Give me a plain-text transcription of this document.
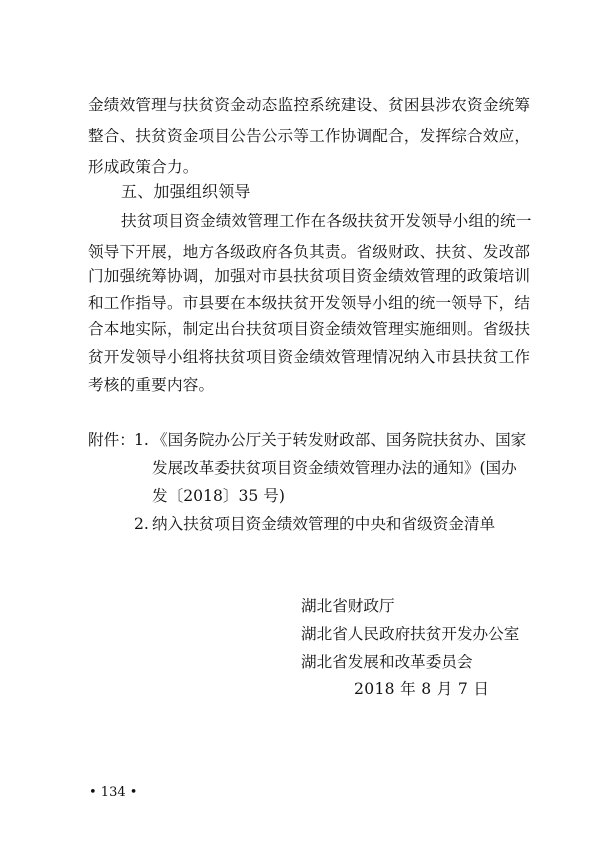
金绩效管理与扶贫资金动态监控系统建设、贫困县涉农资金统筹
整合、扶贫资金项目公告公示等工作协调配合，发挥综合效应，
形成政策合力。
五、加强组织领导
扶贫项目资金绩效管理工作在各级扶贫开发领导小组的统一
领导下开展，地方各级政府各负其责。省级财政、扶贫、发改部
门加强统筹协调，加强对市县扶贫项目资金绩效管理的政策培训
和工作指导。市县要在本级扶贫开发领导小组的统一领导下，结
合本地实际，制定出台扶贫项目资金绩效管理实施细则。省级扶
贫开发领导小组将扶贫项目资金绩效管理情况纳入市县扶贫工作
考核的重要内容。
附件： 1. 《国务院办公厅关于转发财政部、国务院扶贫办、国家
发展改革委扶贫项目资金绩效管理办法的通知》(国办
发〔2018〕35 号)
2. 纳入扶贫项目资金绩效管理的中央和省级资金清单
湖北省财政厅
湖北省人民政府扶贫开发办公室
湖北省发展和改革委员会
2018 年 8 月 7 日
• 134 •
